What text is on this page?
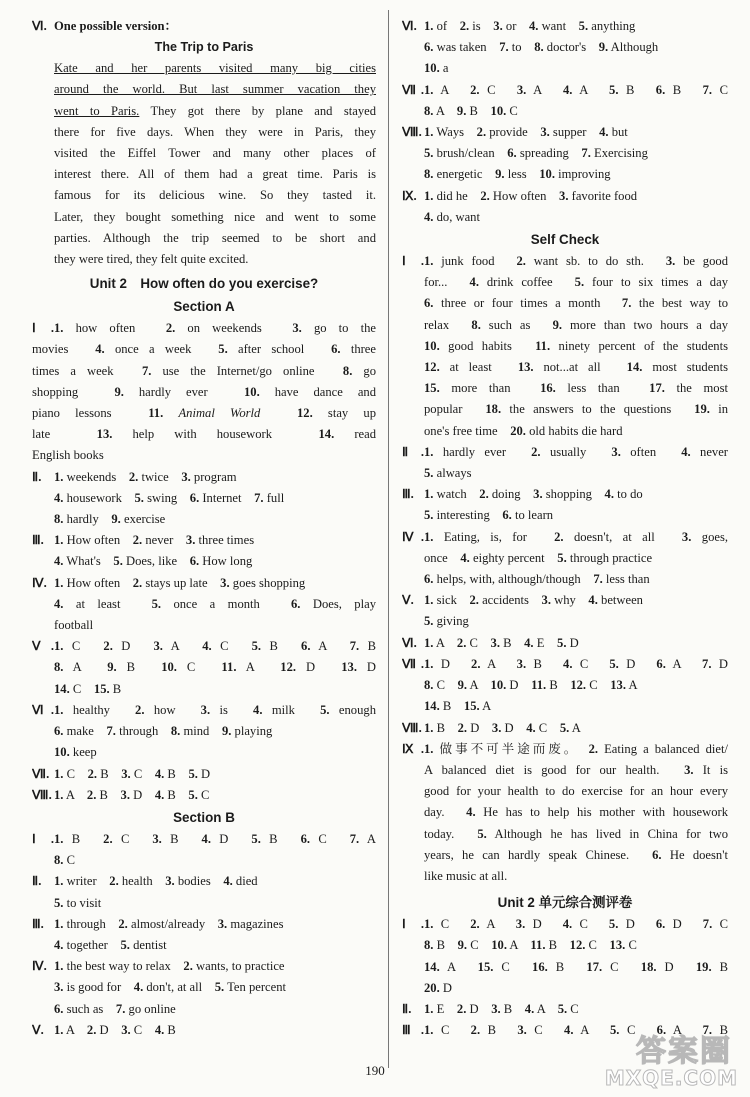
Ⅵ. One possible version：
The Trip to Paris
Kate and her parents visited many big cities
around the world. But last summer vacation they
went to Paris. They got there by plane and stayed
there for five days. When they were in Paris, they
visited the Eiffel Tower and many other places of
interest there. All of them had a great time. Paris is
famous for its delicious wine. So they tasted it.
Later, they bought something nice and went to some
parties. Although the trip seemed to be short and
they were tired, they felt quite excited.
Unit 2　How often do you exercise?
Section A
Ⅰ.1. how often　2. on weekends　3. go to the
movies　4. once a week　5. after school　6. three
times a week　7. use the Internet/go online　8. go
shopping　9. hardly ever　10. have dance and
piano lessons　11. Animal World　	12. stay up
late　13. help with housework　14. read
English books
Ⅱ. 1. weekends　2. twice　3. program
4. housework　5. swing　6. Internet　7. full
8. hardly　9. exercise
Ⅲ. 1. How often　2. never　3. three times
4. What's　5. Does, like　6. How long
Ⅳ. 1. How often　2. stays up late　3. goes shopping
4. at least　5. once a month　6. Does, play
football
Ⅴ.1. C　2. D　3. A　4. C　5. B　6. A　7. B
8. A　9. B　10. C　11. A　12. D　13. D
14. C　15. B
Ⅵ.1. healthy　2. how　3. is　4. milk　5. enough
6. make　7. through　8. mind　9. playing
10. keep
Ⅶ. 1. C　2. B　3. C　4. B　5. D
Ⅷ. 1. A　2. B　3. D　4. B　5. C
Section B
Ⅰ.1. B　2. C　3. B　4. D　5. B　6. C　7. A
8. C
Ⅱ. 1. writer　2. health　3. bodies　4. died
5. to visit
Ⅲ. 1. through　2. almost/already　3. magazines
4. together　5. dentist
Ⅳ. 1. the best way to relax　2. wants, to practice
3. is good for　4. don't, at all　5. Ten percent
6. such as　7. go online
Ⅴ. 1. A　2. D　3. C　4. B
Ⅵ. 1. of　2. is　3. or　4. want　5. anything
6. was taken　7. to　8. doctor's　9. Although
10. a
Ⅶ.1. A　2. C　3. A　4. A　5. B　6. B　7. C
8. A　9. B　10. C
Ⅷ. 1. Ways　2. provide　3. supper　4. but
5. brush/clean　6. spreading　7. Exercising
8. energetic　9. less　10. improving
Ⅸ. 1. did he　2. How often　3. favorite food
4. do, want
Self Check
Ⅰ.1. junk food　2. want sb. to do sth.　3. be good
for...　4. drink coffee　5. four to six times a day
6. three or four times a month　7. the best way to
relax　8. such as　9. more than two hours a day
10. good habits　11. ninety percent of the students
12. at least　13. not...at all　14. most students
15. more than　16. less than　17. the most
popular　18. the answers to the questions　19. in
one's free time　20. old habits die hard
Ⅱ.1. hardly ever　2. usually　3. often　4. never
5. always
Ⅲ. 1. watch　2. doing　3. shopping　4. to do
5. interesting　6. to learn
Ⅳ.1. Eating, is, for　2. doesn't, at all　3. goes,
once　4. eighty percent　5. through practice
6. helps, with, although/though　7. less than
Ⅴ. 1. sick　2. accidents　3. why　4. between
5. giving
Ⅵ. 1. A　2. C　3. B　4. E　5. D
Ⅶ.1. D　2. A　3. B　4. C　5. D　6. A　7. D
8. C　9. A　10. D　11. B　12. C　13. A
14. B　15. A
Ⅷ. 1. B　2. D　3. D　4. C　5. A
Ⅸ.1. 做事不可半途而废。　2. Eating a balanced diet/
A balanced diet is good for our health.　3. It is
good for your health to do exercise for an hour every
day.　4. He has to help his mother with housework
today.　5. Although he has lived in China for two
years, he can hardly speak Chinese.　6. He doesn't
like music at all.
Unit 2 单元综合测评卷
Ⅰ.1. C　2. A　3. D　4. C　5. D　6. D　7. C
8. B　9. C　10. A　11. B　12. C　13. C
14. A　15. C　16. B　17. C　18. D　19. B
20. D
Ⅱ. 1. E　2. D　3. B　4. A　5. C
Ⅲ.1. C　2. B　3. C　4. A　5. C　6. A　7. B
190
答案圈
MXQE.COM
